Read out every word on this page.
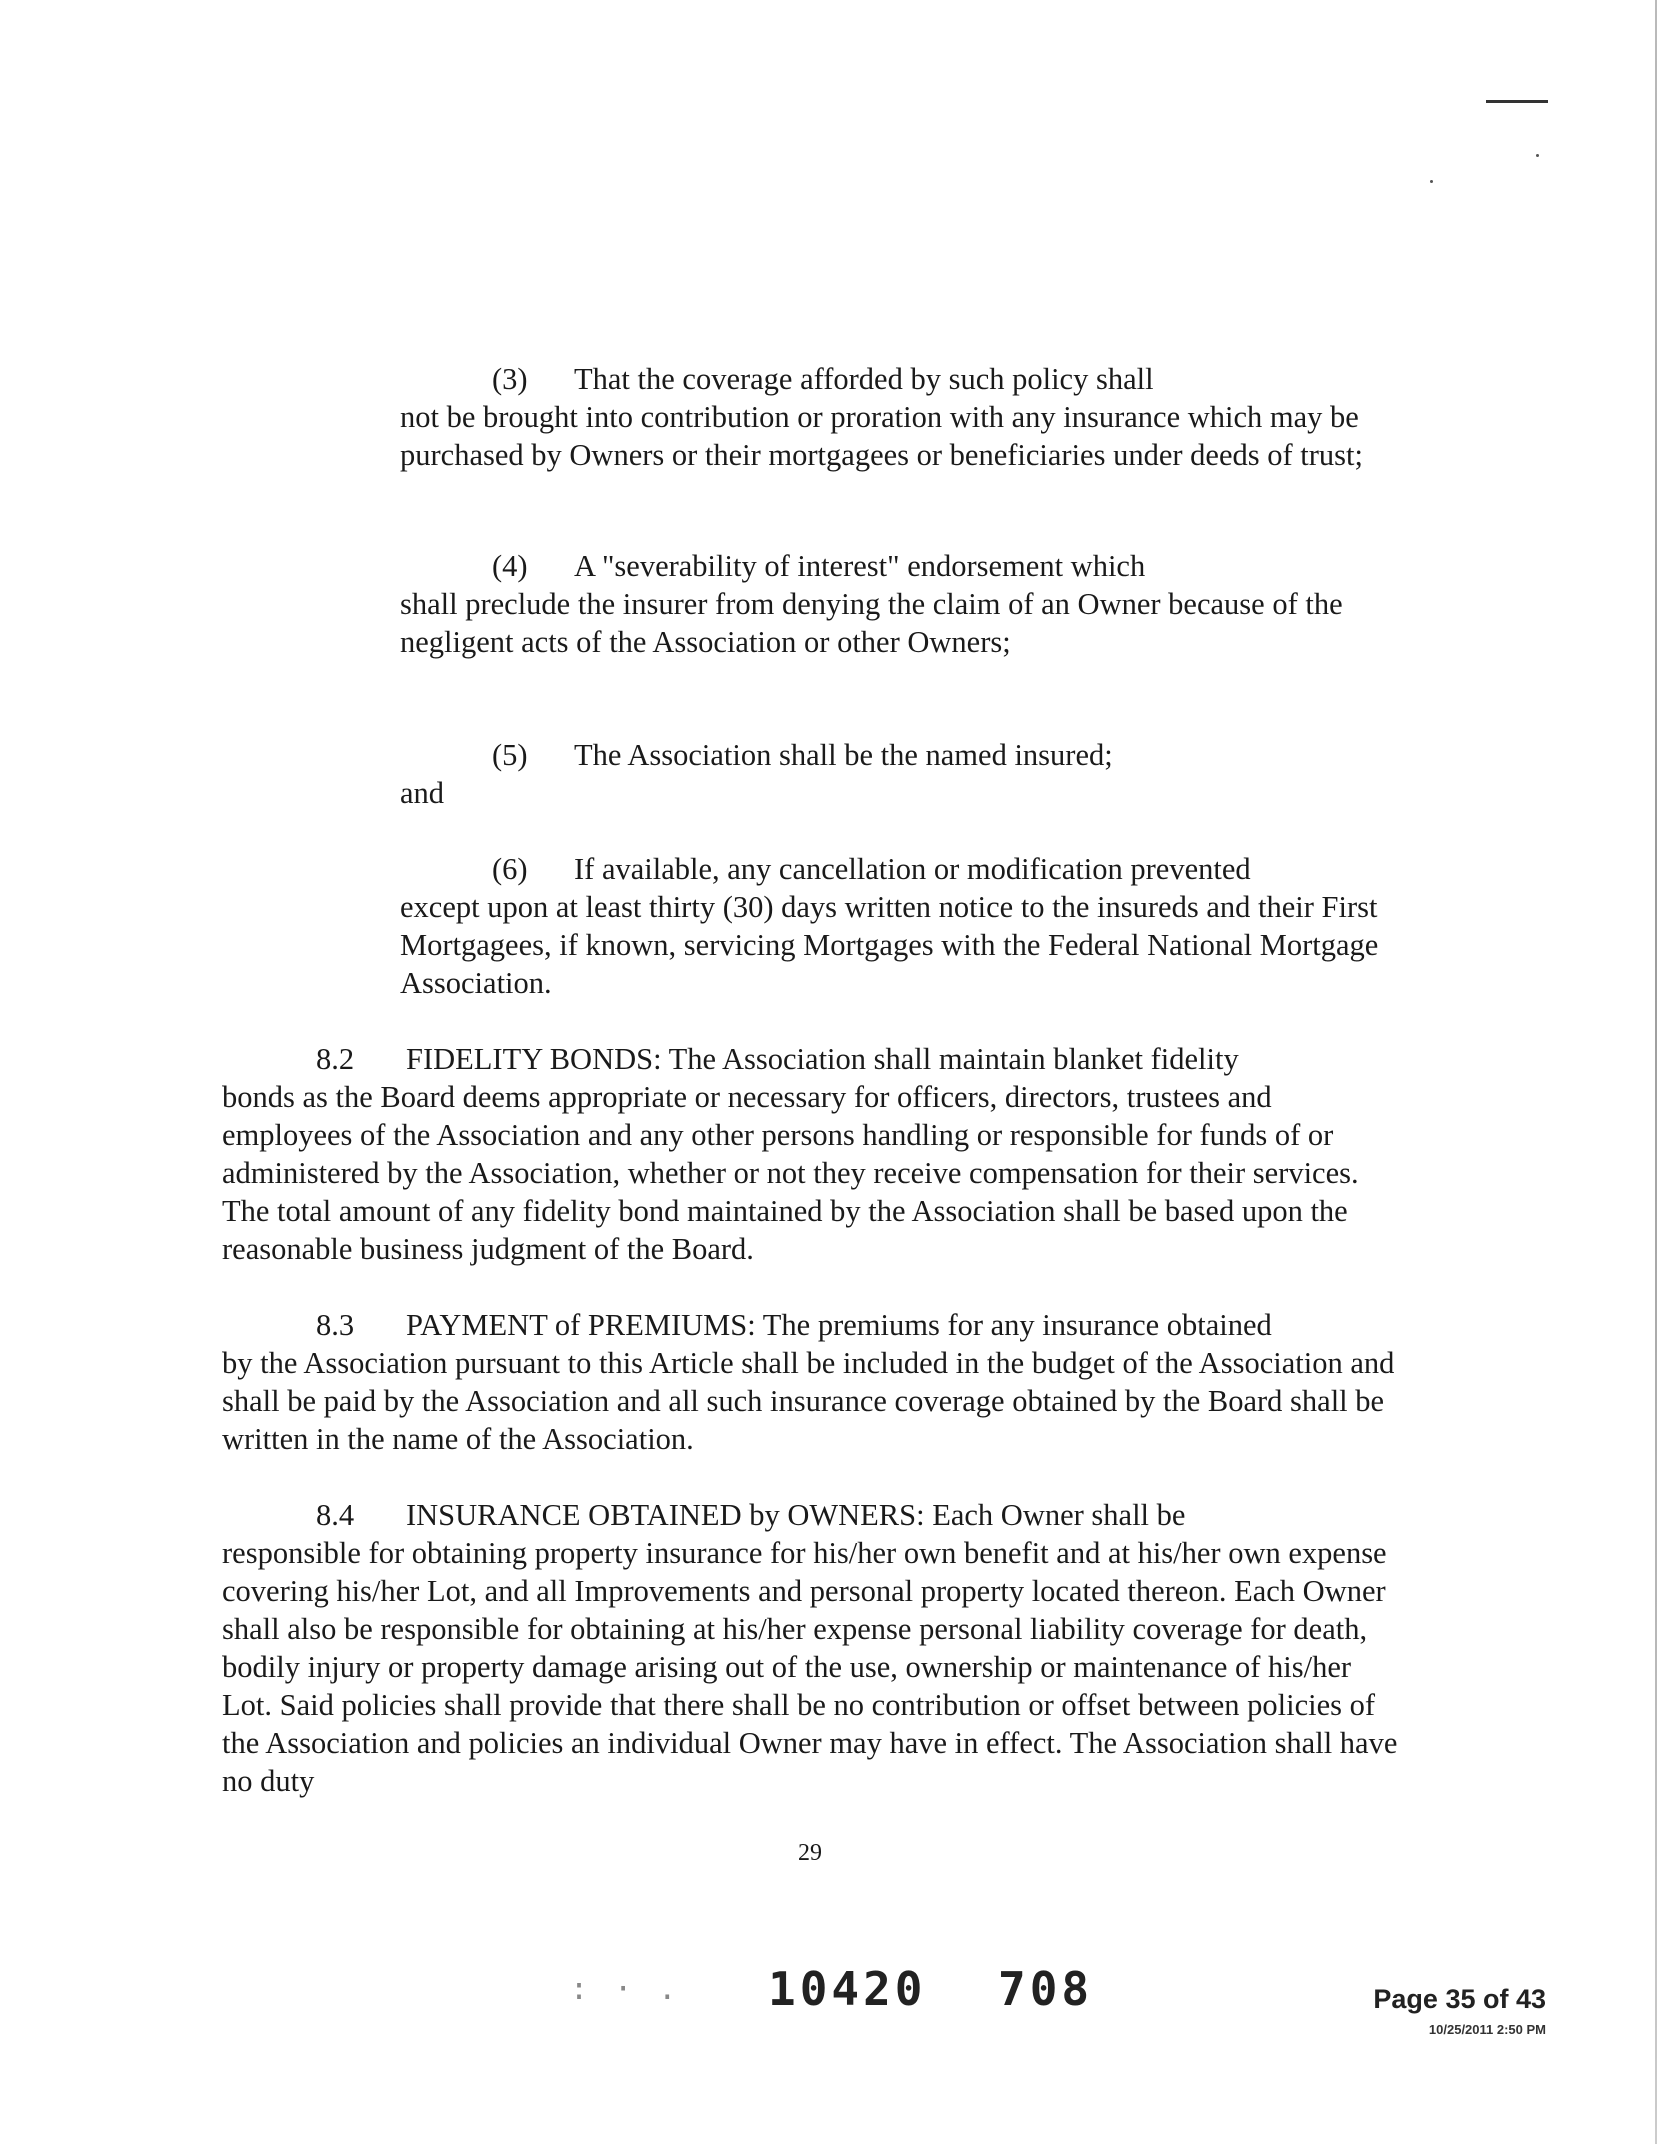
(3) That the coverage afforded by such policy shall
not be brought into contribution or proration with any insurance which may be purchased by Owners or their mortgagees or beneficiaries under deeds of trust;
(4) A "severability of interest" endorsement which
shall preclude the insurer from denying the claim of an Owner because of the negligent acts of the Association or other Owners;
(5) The Association shall be the named insured;
and
(6) If available, any cancellation or modification prevented
except upon at least thirty (30) days written notice to the insureds and their First Mortgagees, if known, servicing Mortgages with the Federal National Mortgage Association.
8.2 FIDELITY BONDS: The Association shall maintain blanket fidelity
bonds as the Board deems appropriate or necessary for officers, directors, trustees and employees of the Association and any other persons handling or responsible for funds of or administered by the Association, whether or not they receive compensation for their services. The total amount of any fidelity bond maintained by the Association shall be based upon the reasonable business judgment of the Board.
8.3 PAYMENT of PREMIUMS: The premiums for any insurance obtained
by the Association pursuant to this Article shall be included in the budget of the Association and shall be paid by the Association and all such insurance coverage obtained by the Board shall be written in the name of the Association.
8.4 INSURANCE OBTAINED by OWNERS: Each Owner shall be
responsible for obtaining property insurance for his/her own benefit and at his/her own expense covering his/her Lot, and all Improvements and personal property located thereon. Each Owner shall also be responsible for obtaining at his/her expense personal liability coverage for death, bodily injury or property damage arising out of the use, ownership or maintenance of his/her Lot. Said policies shall provide that there shall be no contribution or offset between policies of the Association and policies an individual Owner may have in effect. The Association shall have no duty
29
: · . 10420 708	Page 35 of 43
10/25/2011 2:50 PM
